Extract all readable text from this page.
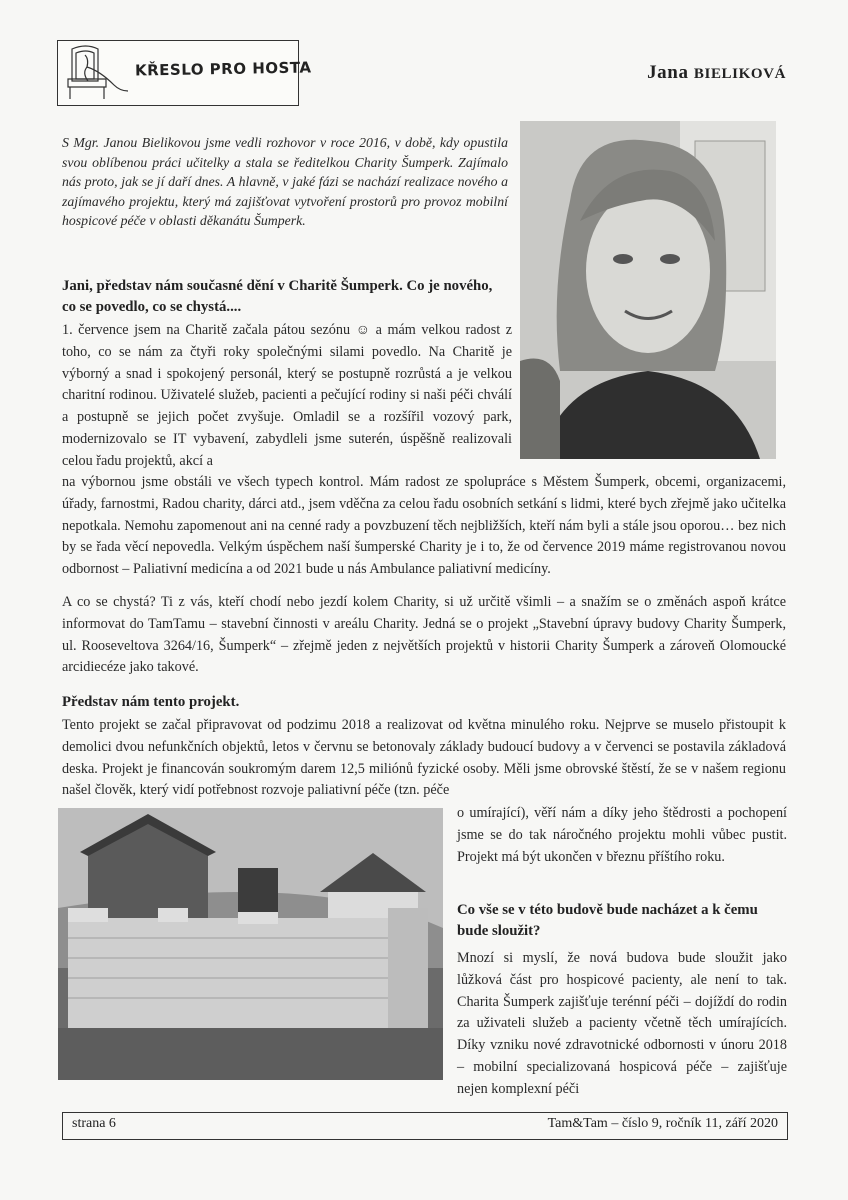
KŘESLO PRO HOSTA	Jana BIELIKOVÁ
S Mgr. Janou Bielikovou jsme vedli rozhovor v roce 2016, v době, kdy opustila svou oblíbenou práci učitelky a stala se ředitelkou Charity Šumperk. Zajímalo nás proto, jak se jí daří dnes. A hlavně, v jaké fázi se nachází realizace nového a zajímavého projektu, který má zajišťovat vytvoření prostorů pro provoz mobilní hospicové péče v oblasti děkanátu Šumperk.
Jani, představ nám současné dění v Charitě Šumperk. Co je nového, co se povedlo, co se chystá....
1. července jsem na Charitě začala pátou sezónu ☺ a mám velkou radost z toho, co se nám za čtyři roky společnými silami povedlo. Na Charitě je výborný a snad i spokojený personál, který se postupně rozrůstá a je velkou charitní rodinou. Uživatelé služeb, pacienti a pečující rodiny si naši péči chválí a postupně se jejich počet zvyšuje. Omladil se a rozšířil vozový park, modernizovalo se IT vybavení, zabydleli jsme suterén, úspěšně realizovali celou řadu projektů, akcí a
na výbornou jsme obstáli ve všech typech kontrol. Mám radost ze spolupráce s Městem Šumperk, obcemi, organizacemi, úřady, farnostmi, Radou charity, dárci atd., jsem vděčna za celou řadu osobních setkání s lidmi, které bych zřejmě jako učitelka nepotkala. Nemohu zapomenout ani na cenné rady a povzbuzení těch nejbližších, kteří nám byli a stále jsou oporou… bez nich by se řada věcí nepovedla. Velkým úspěchem naší šumperské Charity je i to, že od července 2019 máme registrovanou novou odbornost – Paliativní medicína a od 2021 bude u nás Ambulance paliativní medicíny.
A co se chystá? Ti z vás, kteří chodí nebo jezdí kolem Charity, si už určitě všimli – a snažím se o změnách aspoň krátce informovat do TamTamu – stavební činnosti v areálu Charity. Jedná se o projekt „Stavební úpravy budovy Charity Šumperk, ul. Rooseveltova 3264/16, Šumperk“ – zřejmě jeden z největších projektů v historii Charity Šumperk a zároveň Olomoucké arcidiecéze jako takové.
Představ nám tento projekt.
Tento projekt se začal připravovat od podzimu 2018 a realizovat od května minulého roku. Nejprve se muselo přistoupit k demolici dvou nefunkčních objektů, letos v červnu se betonovaly základy budoucí budovy a v červenci se postavila základová deska. Projekt je financován soukromým darem 12,5 miliónů fyzické osoby. Měli jsme obrovské štěstí, že se v našem regionu našel člověk, který vidí potřebnost rozvoje paliativní péče (tzn. péče
o umírající), věří nám a díky jeho štědrosti a pochopení jsme se do tak náročného projektu mohli vůbec pustit. Projekt má být ukončen v březnu příštího roku.
Co vše se v této budově bude nacházet a k čemu bude sloužit?
Mnozí si myslí, že nová budova bude sloužit jako lůžková část pro hospicové pacienty, ale není to tak. Charita Šumperk zajišťuje terénní péči – dojíždí do rodin za uživateli služeb a pacienty včetně těch umírajících. Díky vzniku nové zdravotnické odbornosti v únoru 2018 – mobilní specializovaná hospicová péče – zajišťuje nejen komplexní péči
strana 6	Tam&Tam – číslo 9, ročník 11, září 2020
